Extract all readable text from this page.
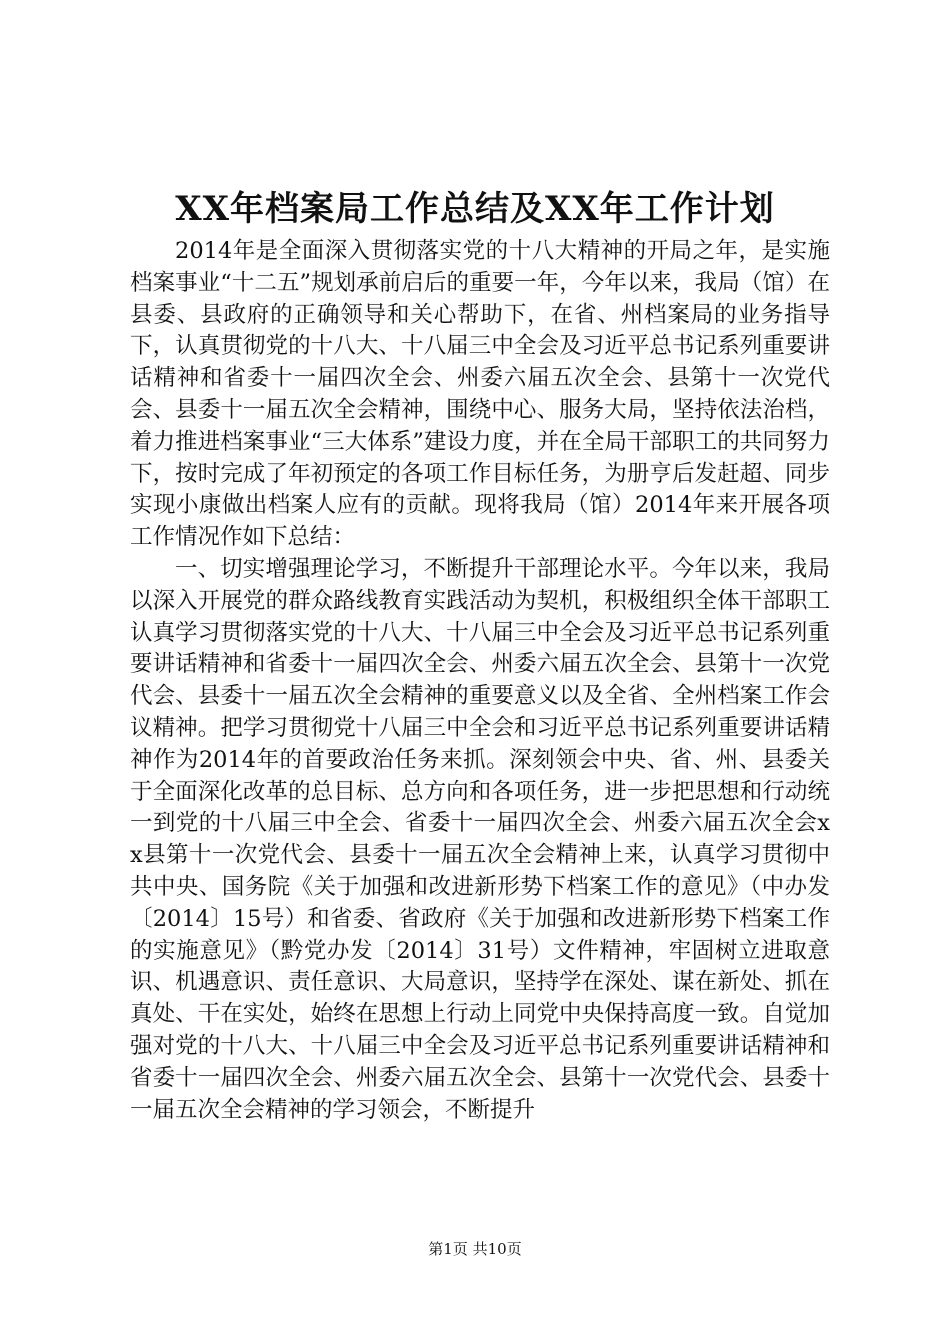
XX年档案局工作总结及XX年工作计划

2014年是全面深入贯彻落实党的十八大精神的开局之年，是实施档案事业“十二五”规划承前启后的重要一年，今年以来，我局（馆）在县委、县政府的正确领导和关心帮助下，在省、州档案局的业务指导下，认真贯彻党的十八大、十八届三中全会及习近平总书记系列重要讲话精神和省委十一届四次全会、州委六届五次全会、县第十一次党代会、县委十一届五次全会精神，围绕中心、服务大局，坚持依法治档，着力推进档案事业“三大体系”建设力度，并在全局干部职工的共同努力下，按时完成了年初预定的各项工作目标任务，为册亨后发赶超、同步实现小康做出档案人应有的贡献。现将我局（馆）2014年来开展各项工作情况作如下总结：

一、切实增强理论学习，不断提升干部理论水平。今年以来，我局以深入开展党的群众路线教育实践活动为契机，积极组织全体干部职工认真学习贯彻落实党的十八大、十八届三中全会及习近平总书记系列重要讲话精神和省委十一届四次全会、州委六届五次全会、县第十一次党代会、县委十一届五次全会精神的重要意义以及全省、全州档案工作会议精神。把学习贯彻党十八届三中全会和习近平总书记系列重要讲话精神作为2014年的首要政治任务来抓。深刻领会中央、省、州、县委关于全面深化改革的总目标、总方向和各项任务，进一步把思想和行动统一到党的十八届三中全会、省委十一届四次全会、州委六届五次全会xx县第十一次党代会、县委十一届五次全会精神上来，认真学习贯彻中共中央、国务院《关于加强和改进新形势下档案工作的意见》（中办发〔2014〕15号）和省委、省政府《关于加强和改进新形势下档案工作的实施意见》（黔党办发〔2014〕31号）文件精神，牢固树立进取意识、机遇意识、责任意识、大局意识，坚持学在深处、谋在新处、抓在真处、干在实处，始终在思想上行动上同党中央保持高度一致。自觉加强对党的十八大、十八届三中全会及习近平总书记系列重要讲话精神和省委十一届四次全会、州委六届五次全会、县第十一次党代会、县委十一届五次全会精神的学习领会，不断提升

第1页 共10页
